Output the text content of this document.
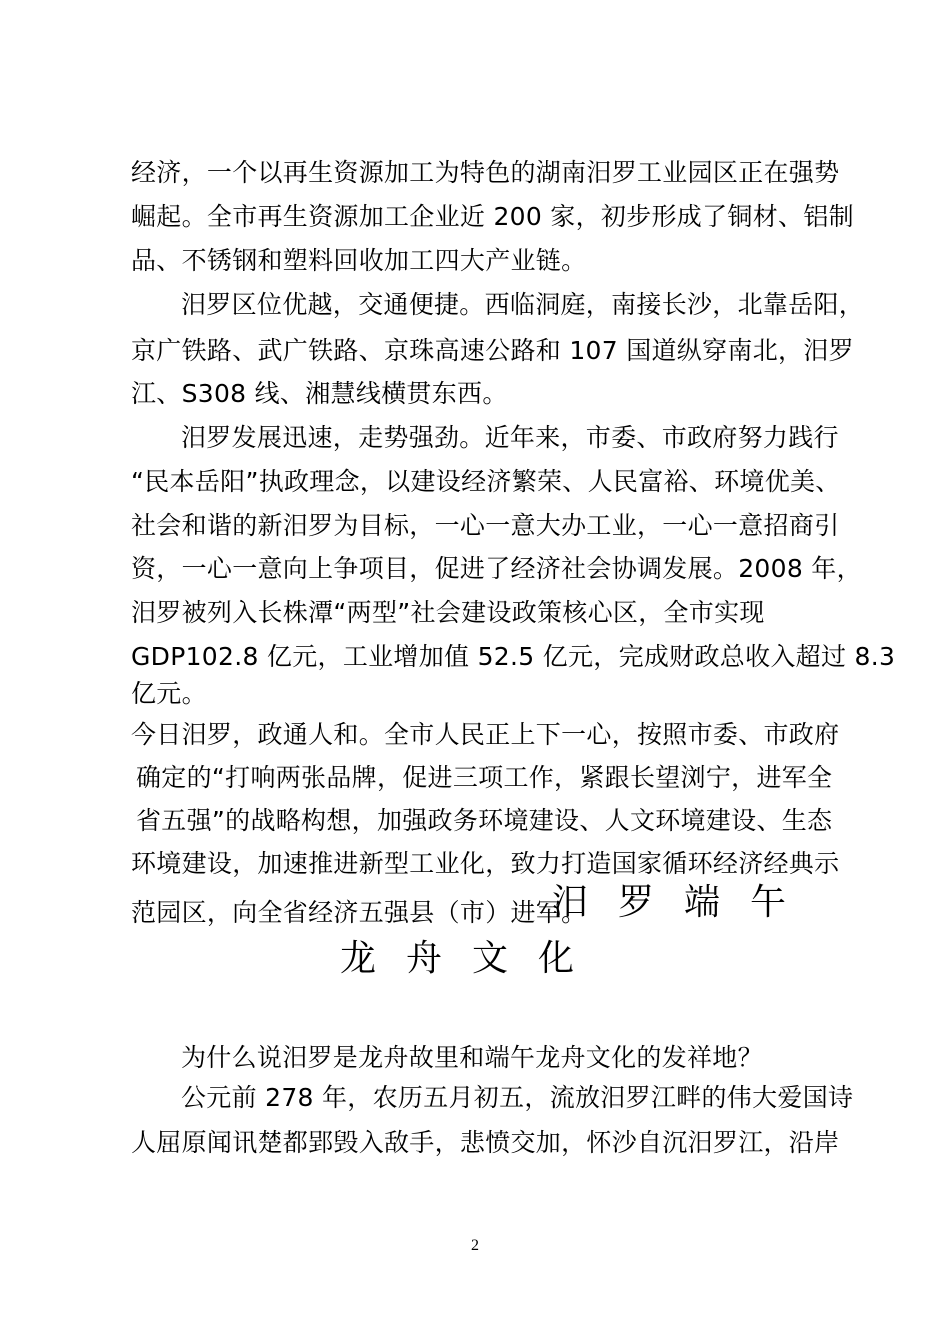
经济，一个以再生资源加工为特色的湖南汨罗工业园区正在强势
崛起。全市再生资源加工企业近 200 家，初步形成了铜材、铝制
品、不锈钢和塑料回收加工四大产业链。
汨罗区位优越，交通便捷。西临洞庭，南接长沙，北靠岳阳，
京广铁路、武广铁路、京珠高速公路和 107 国道纵穿南北，汨罗
江、S308 线、湘慧线横贯东西。
汨罗发展迅速，走势强劲。近年来，市委、市政府努力践行
“民本岳阳”执政理念，以建设经济繁荣、人民富裕、环境优美、
社会和谐的新汨罗为目标，一心一意大办工业，一心一意招商引
资，一心一意向上争项目，促进了经济社会协调发展。2008 年，
汨罗被列入长株潭“两型”社会建设政策核心区，全市实现
GDP102.8 亿元，工业增加值 52.5 亿元，完成财政总收入超过 8.3
亿元。
今日汨罗，政通人和。全市人民正上下一心，按照市委、市政府
确定的“打响两张品牌，促进三项工作，紧跟长望浏宁，进军全
省五强”的战略构想，加强政务环境建设、人文环境建设、生态
环境建设，加速推进新型工业化，致力打造国家循环经济经典示
范园区，向全省经济五强县（市）进军。
汨罗端午
龙舟文化
为什么说汨罗是龙舟故里和端午龙舟文化的发祥地？
公元前 278 年，农历五月初五，流放汨罗江畔的伟大爱国诗
人屈原闻讯楚都郢毁入敌手，悲愤交加，怀沙自沉汨罗江，沿岸
2
